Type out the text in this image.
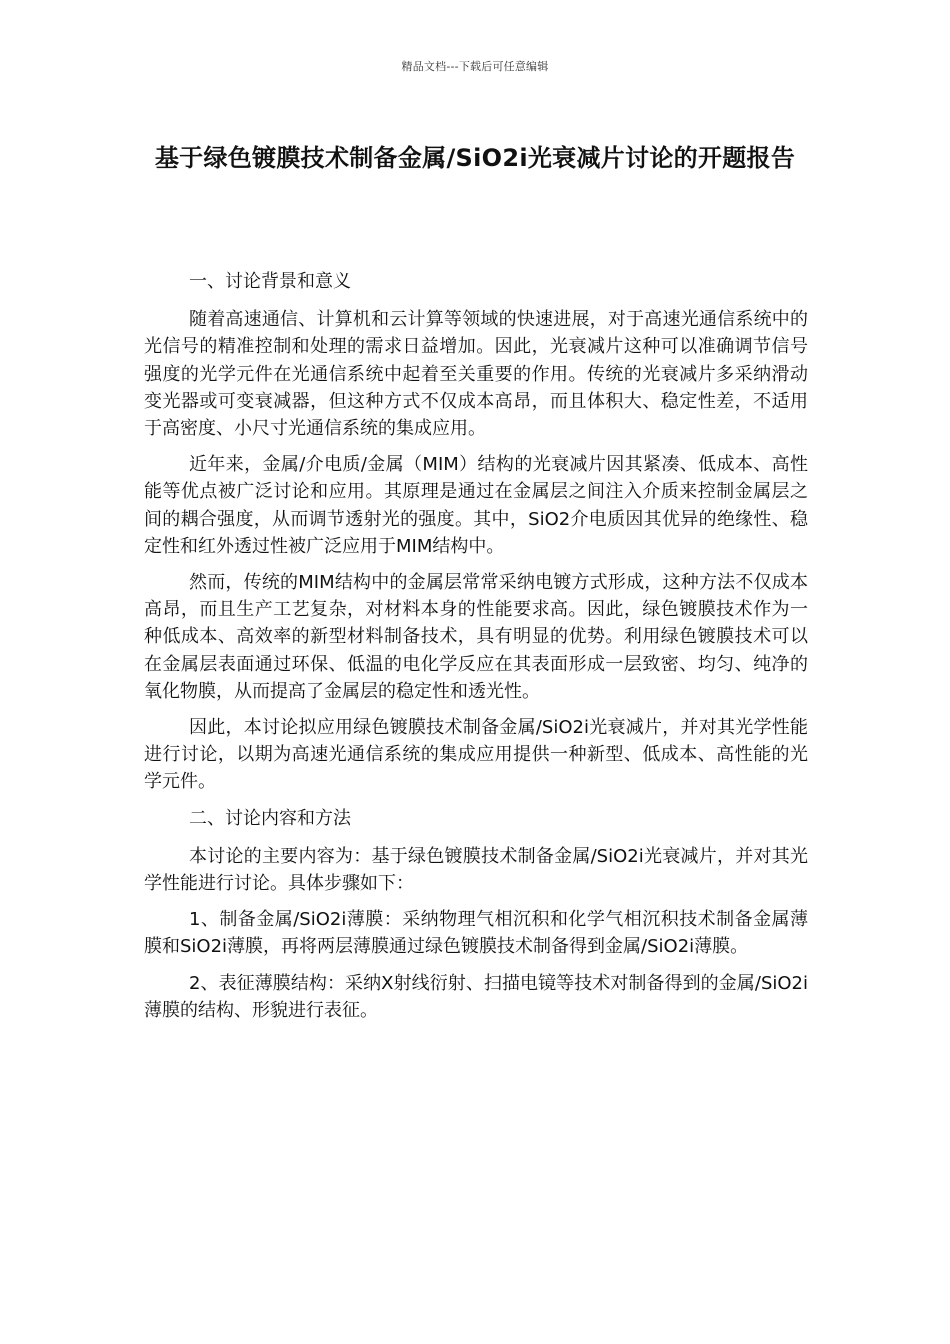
精品文档---下载后可任意编辑
基于绿色镀膜技术制备金属/SiO2i光衰减片讨论的开题报告

一、讨论背景和意义

随着高速通信、计算机和云计算等领域的快速进展，对于高速光通信系统中的光信号的精准控制和处理的需求日益增加。因此，光衰减片这种可以准确调节信号强度的光学元件在光通信系统中起着至关重要的作用。传统的光衰减片多采纳滑动变光器或可变衰减器，但这种方式不仅成本高昂，而且体积大、稳定性差，不适用于高密度、小尺寸光通信系统的集成应用。

近年来，金属/介电质/金属（MIM）结构的光衰减片因其紧凑、低成本、高性能等优点被广泛讨论和应用。其原理是通过在金属层之间注入介质来控制金属层之间的耦合强度，从而调节透射光的强度。其中，SiO2介电质因其优异的绝缘性、稳定性和红外透过性被广泛应用于MIM结构中。

然而，传统的MIM结构中的金属层常常采纳电镀方式形成，这种方法不仅成本高昂，而且生产工艺复杂，对材料本身的性能要求高。因此，绿色镀膜技术作为一种低成本、高效率的新型材料制备技术，具有明显的优势。利用绿色镀膜技术可以在金属层表面通过环保、低温的电化学反应在其表面形成一层致密、均匀、纯净的氧化物膜，从而提高了金属层的稳定性和透光性。

因此，本讨论拟应用绿色镀膜技术制备金属/SiO2i光衰减片，并对其光学性能进行讨论，以期为高速光通信系统的集成应用提供一种新型、低成本、高性能的光学元件。

二、讨论内容和方法

本讨论的主要内容为：基于绿色镀膜技术制备金属/SiO2i光衰减片，并对其光学性能进行讨论。具体步骤如下：

1、制备金属/SiO2i薄膜：采纳物理气相沉积和化学气相沉积技术制备金属薄膜和SiO2i薄膜，再将两层薄膜通过绿色镀膜技术制备得到金属/SiO2i薄膜。

2、表征薄膜结构：采纳X射线衍射、扫描电镜等技术对制备得到的金属/SiO2i薄膜的结构、形貌进行表征。
